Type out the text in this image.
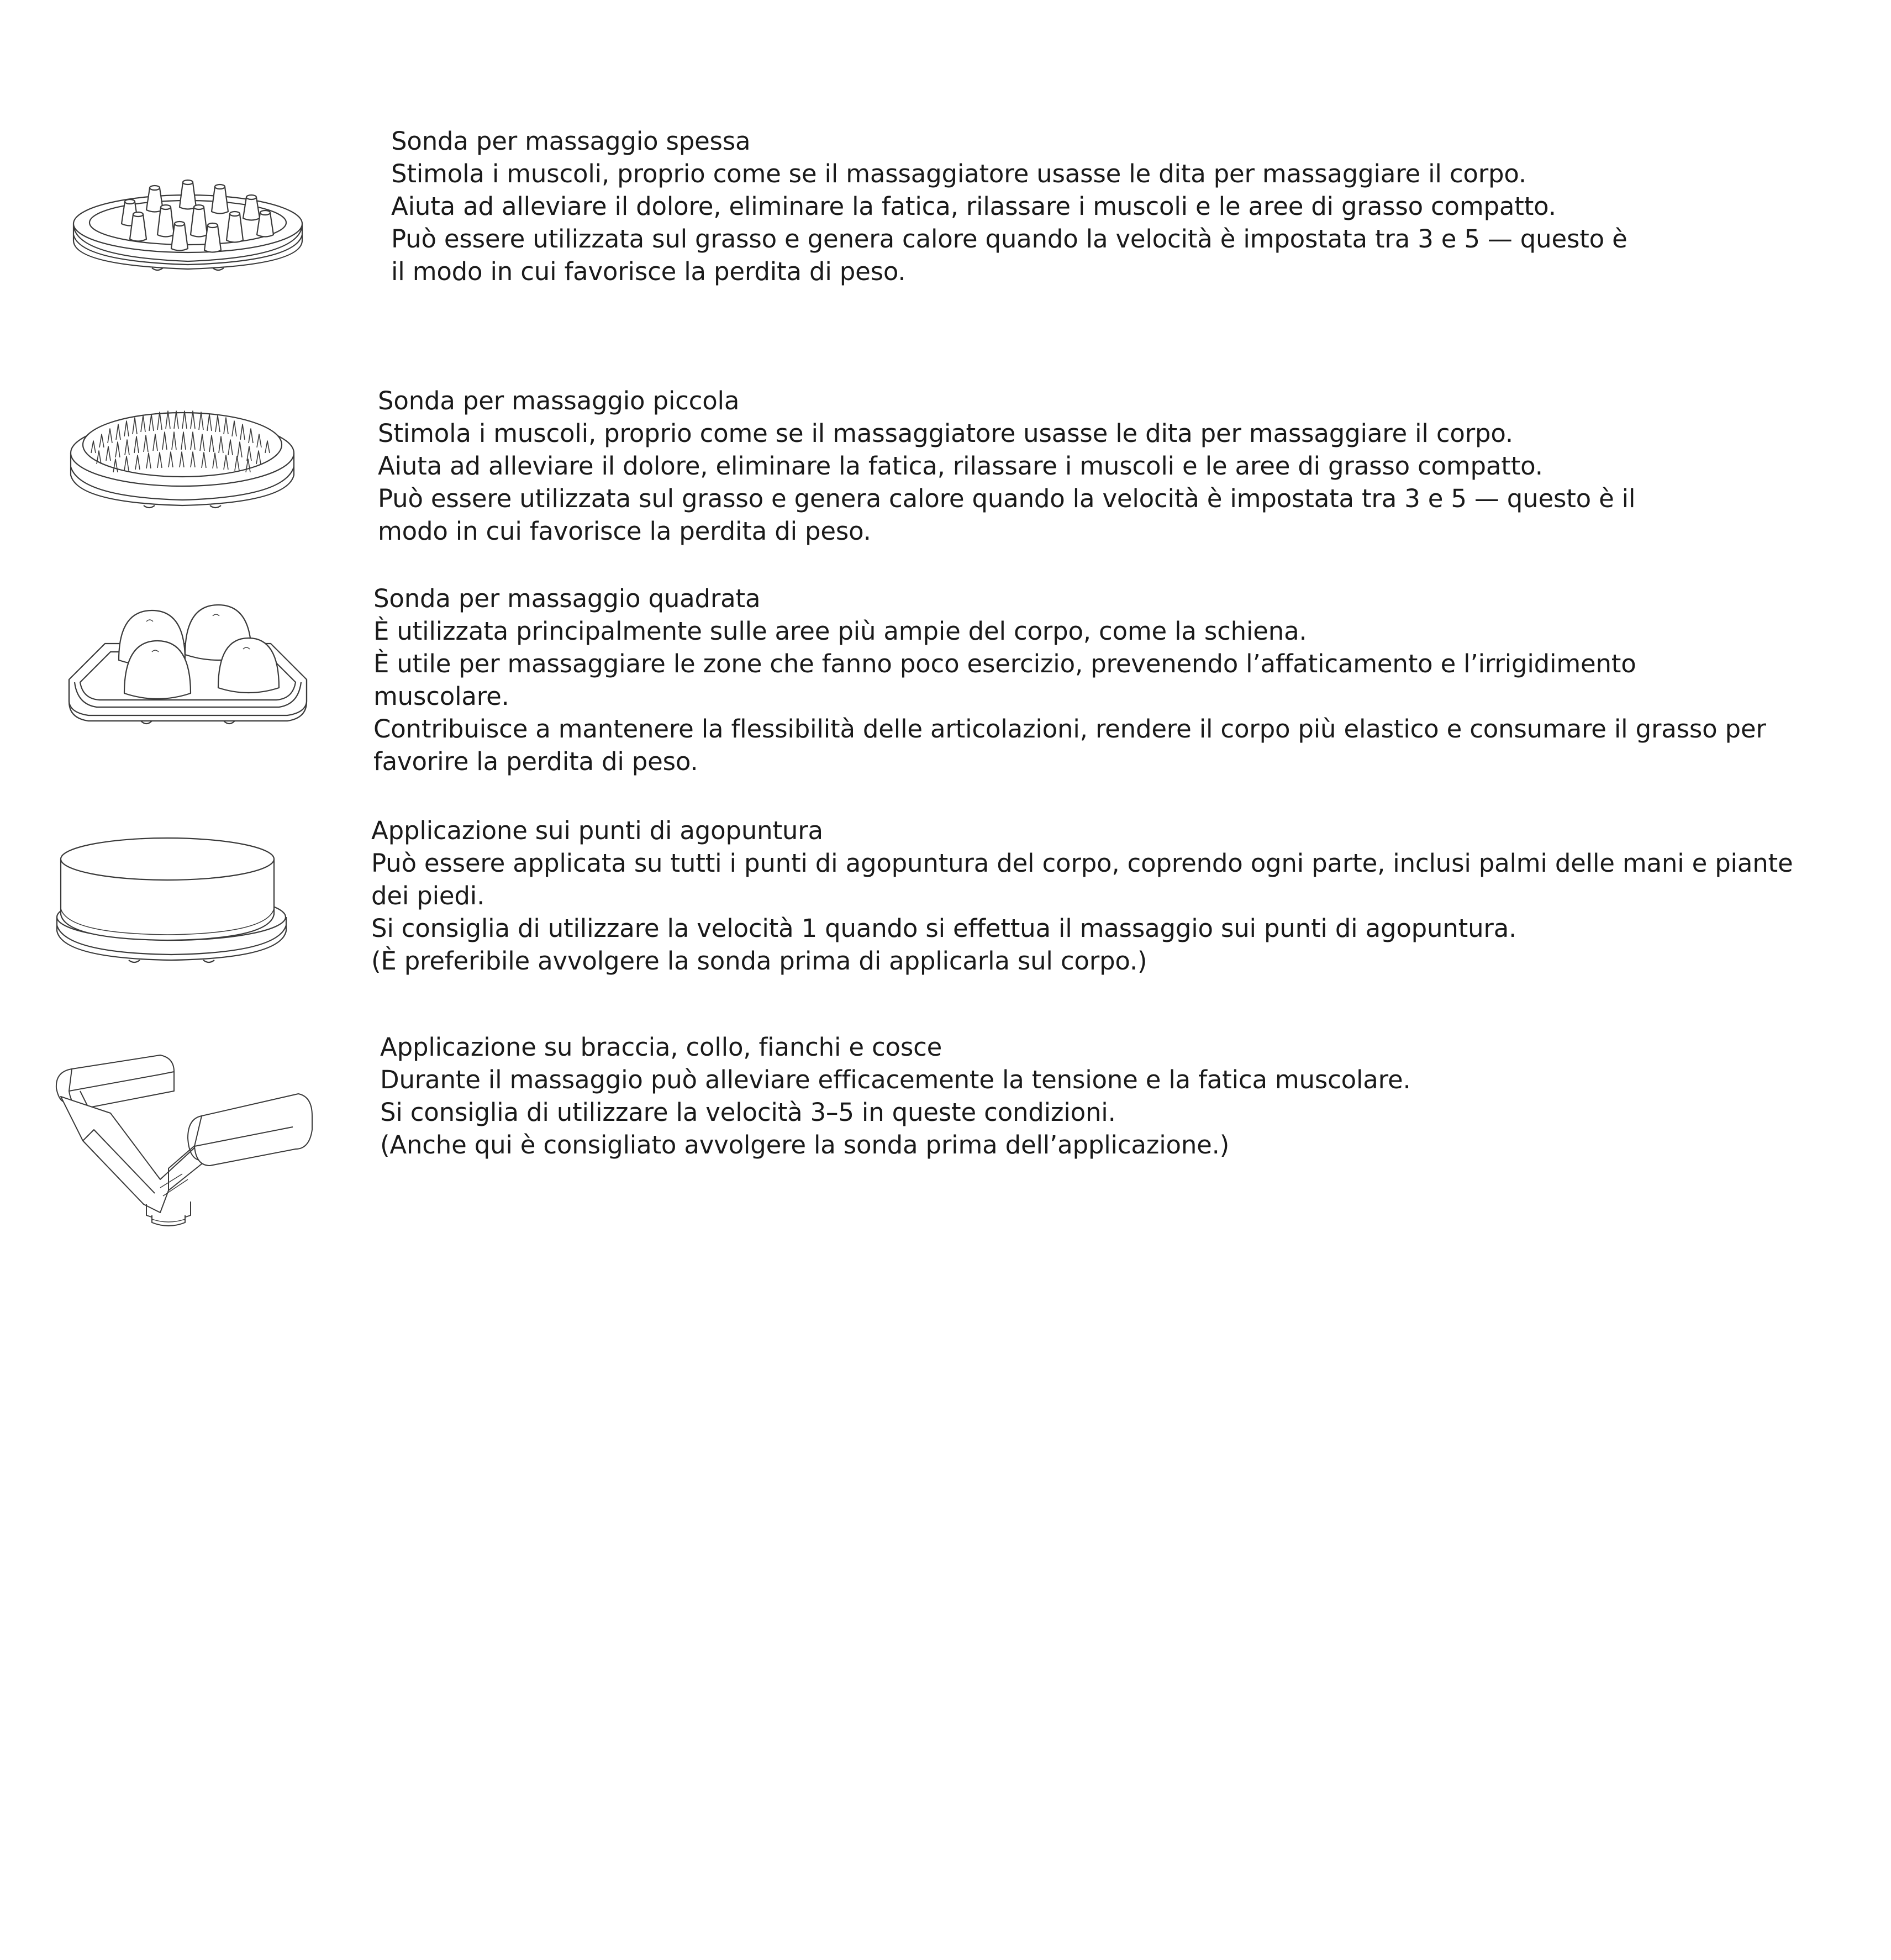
Sonda per massaggio spessa

Stimola i muscoli, proprio come se il massaggiatore usasse le dita per massaggiare il corpo.

Aiuta ad alleviare il dolore, eliminare la fatica, rilassare i muscoli e le aree di grasso compatto.

Può essere utilizzata sul grasso e genera calore quando la velocità è impostata tra 3 e 5 — questo è

il modo in cui favorisce la perdita di peso.

Sonda per massaggio piccola

Stimola i muscoli, proprio come se il massaggiatore usasse le dita per massaggiare il corpo.

Aiuta ad alleviare il dolore, eliminare la fatica, rilassare i muscoli e le aree di grasso compatto.

Può essere utilizzata sul grasso e genera calore quando la velocità è impostata tra 3 e 5 — questo è il

modo in cui favorisce la perdita di peso.

Sonda per massaggio quadrata

È utilizzata principalmente sulle aree più ampie del corpo, come la schiena.

È utile per massaggiare le zone che fanno poco esercizio, prevenendo l’affaticamento e l’irrigidimento

muscolare.

Contribuisce a mantenere la flessibilità delle articolazioni, rendere il corpo più elastico e consumare il grasso per

favorire la perdita di peso.

Applicazione sui punti di agopuntura

Può essere applicata su tutti i punti di agopuntura del corpo, coprendo ogni parte, inclusi palmi delle mani e piante

dei piedi.

Si consiglia di utilizzare la velocità 1 quando si effettua il massaggio sui punti di agopuntura.

(È preferibile avvolgere la sonda prima di applicarla sul corpo.)

Applicazione su braccia, collo, fianchi e cosce

Durante il massaggio può alleviare efficacemente la tensione e la fatica muscolare.

Si consiglia di utilizzare la velocità 3–5 in queste condizioni.

(Anche qui è consigliato avvolgere la sonda prima dell’applicazione.)
